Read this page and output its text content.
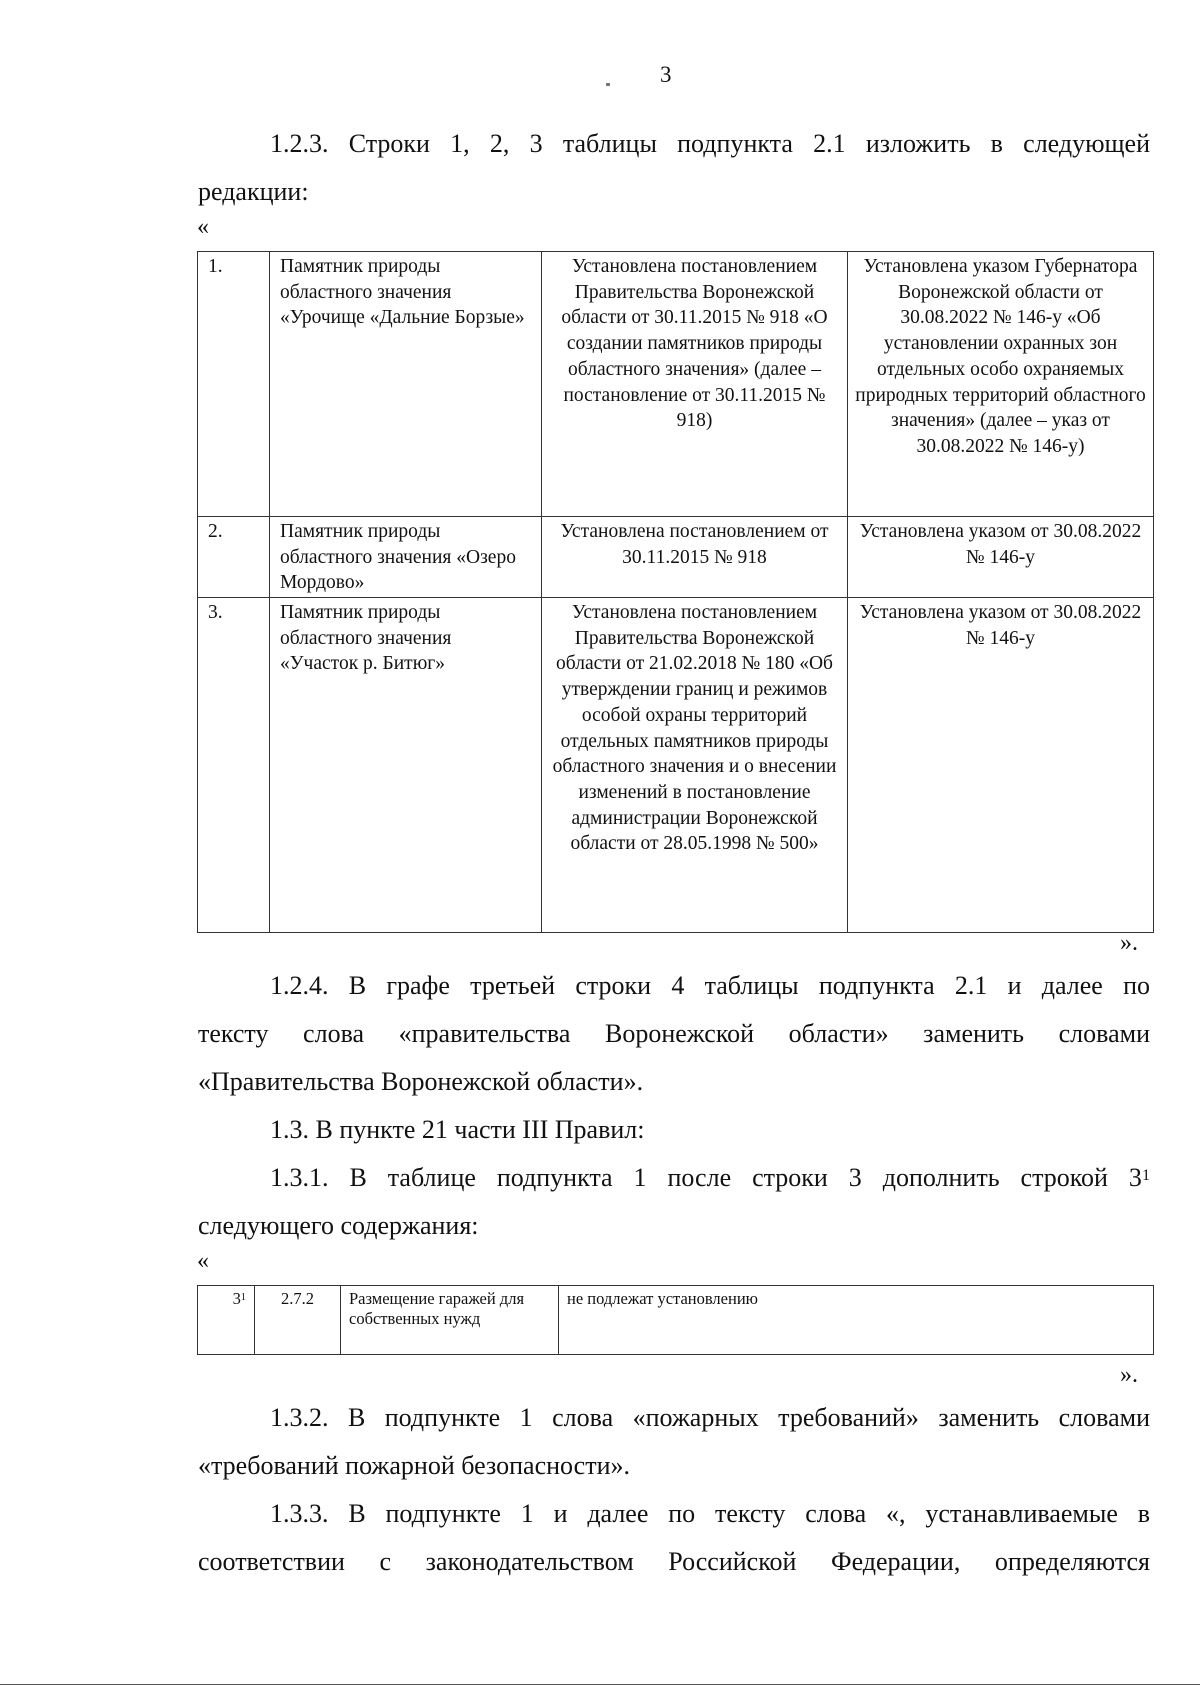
3

1.2.3. Строки 1, 2, 3 таблицы подпункта 2.1 изложить в следующей
редакции:

«
1.	Памятник природы областного значения «Урочище «Дальние Борзые»	Установлена постановлением Правительства Воронежской области от 30.11.2015 № 918 «О создании памятников природы областного значения» (далее – постановление от 30.11.2015 № 918)	Установлена указом Губернатора Воронежской области от 30.08.2022 № 146-у «Об установлении охранных зон отдельных особо охраняемых природных территорий областного значения» (далее – указ от 30.08.2022 № 146-у)
2.	Памятник природы областного значения «Озеро Мордово»	Установлена постановлением от 30.11.2015 № 918	Установлена указом от 30.08.2022 № 146-у
3.	Памятник природы областного значения «Участок р. Битюг»	Установлена постановлением Правительства Воронежской области от 21.02.2018 № 180 «Об утверждении границ и режимов особой охраны территорий отдельных памятников природы областного значения и о внесении изменений в постановление администрации Воронежской области от 28.05.1998 № 500»	Установлена указом от 30.08.2022 № 146-у
».

1.2.4. В графе третьей строки 4 таблицы подпункта 2.1 и далее по
тексту слова «правительства Воронежской области» заменить словами
«Правительства Воронежской области».

1.3. В пункте 21 части III Правил:

1.3.1. В таблице подпункта 1 после строки 3 дополнить строкой $3^1$
следующего содержания:

«
$3^1$	2.7.2	Размещение гаражей для собственных нужд	не подлежат установлению
».

1.3.2. В подпункте 1 слова «пожарных требований» заменить словами
«требований пожарной безопасности».

1.3.3. В подпункте 1 и далее по тексту слова «, устанавливаемые в
соответствии с законодательством Российской Федерации, определяются
